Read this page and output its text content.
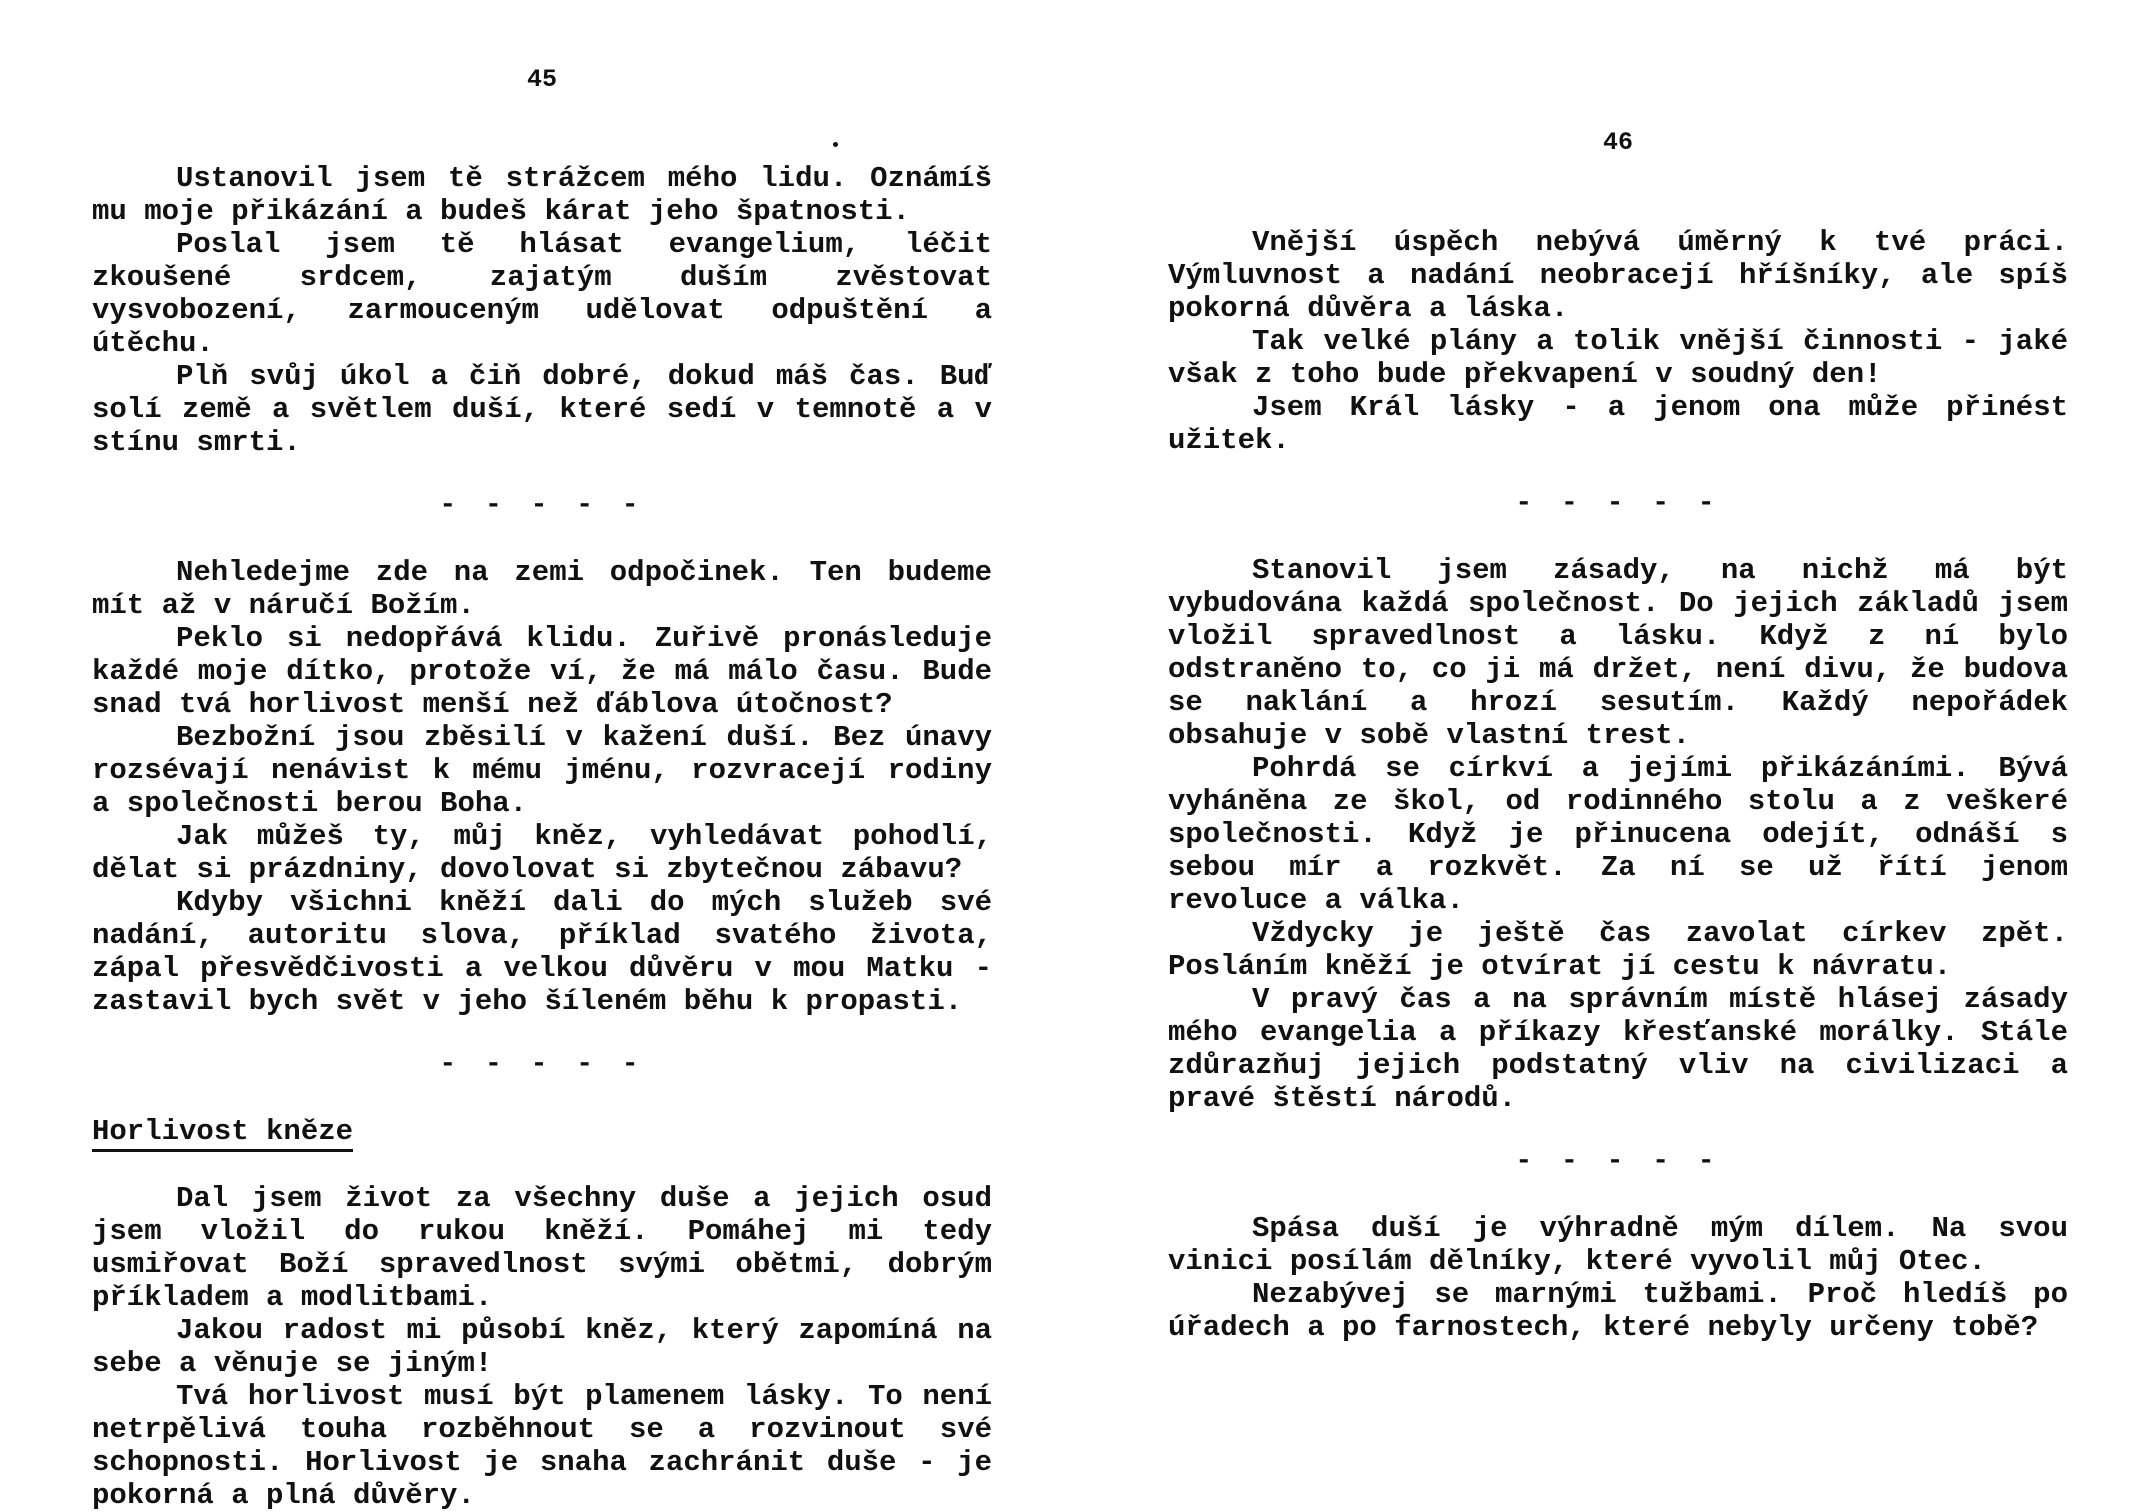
45

Ustanovil jsem tě strážcem mého lidu. Oznámíš mu moje přikázání a budeš kárat jeho špatnosti.

Poslal jsem tě hlásat evangelium, léčit zkoušené srdcem, zajatým duším zvěstovat vysvobození, zarmouceným udělovat odpuštění a útěchu.

Plň svůj úkol a čiň dobré, dokud máš čas. Buď solí země a světlem duší, které sedí v temnotě a v stínu smrti.

- - - - -

Nehledejme zde na zemi odpočinek. Ten budeme mít až v náručí Božím.

Peklo si nedopřává klidu. Zuřivě pronásleduje každé moje dítko, protože ví, že má málo času. Bude snad tvá horlivost menší než ďáblova útočnost?

Bezbožní jsou zběsilí v kažení duší. Bez únavy rozsévají nenávist k mému jménu, rozvracejí rodiny a společnosti berou Boha.

Jak můžeš ty, můj kněz, vyhledávat pohodlí, dělat si prázdniny, dovolovat si zbytečnou zábavu?

Kdyby všichni kněží dali do mých služeb své nadání, autoritu slova, příklad svatého života, zápal přesvědčivosti a velkou důvěru v mou Matku - zastavil bych svět v jeho šíleném běhu k propasti.

- - - - -
Horlivost kněze

Dal jsem život za všechny duše a jejich osud jsem vložil do rukou kněží. Pomáhej mi tedy usmiřovat Boží spravedlnost svými obětmi, dobrým příkladem a modlitbami.

Jakou radost mi působí kněz, který zapomíná na sebe a věnuje se jiným!

Tvá horlivost musí být plamenem lásky. To není netrpělivá touha rozběhnout se a rozvinout své schopnosti. Horlivost je snaha zachránit duše - je pokorná a plná důvěry.

46

Vnější úspěch nebývá úměrný k tvé práci. Výmluvnost a nadání neobracejí hříšníky, ale spíš pokorná důvěra a láska.

Tak velké plány a tolik vnější činnosti - jaké však z toho bude překvapení v soudný den!

Jsem Král lásky - a jenom ona může přinést užitek.

- - - - -

Stanovil jsem zásady, na nichž má být vybudována každá společnost. Do jejich základů jsem vložil spravedlnost a lásku. Když z ní bylo odstraněno to, co ji má držet, není divu, že budova se naklání a hrozí sesutím. Každý nepořádek obsahuje v sobě vlastní trest.

Pohrdá se církví a jejími přikázáními. Bývá vyháněna ze škol, od rodinného stolu a z veškeré společnosti. Když je přinucena odejít, odnáší s sebou mír a rozkvět. Za ní se už řítí jenom revoluce a válka.

Vždycky je ještě čas zavolat církev zpět. Posláním kněží je otvírat jí cestu k návratu.

V pravý čas a na správním místě hlásej zásady mého evangelia a příkazy křesťanské morálky. Stále zdůrazňuj jejich podstatný vliv na civilizaci a pravé štěstí národů.

- - - - -

Spása duší je výhradně mým dílem. Na svou vinici posílám dělníky, které vyvolil můj Otec.

Nezabývej se marnými tužbami. Proč hledíš po úřadech a po farnostech, které nebyly určeny tobě?
